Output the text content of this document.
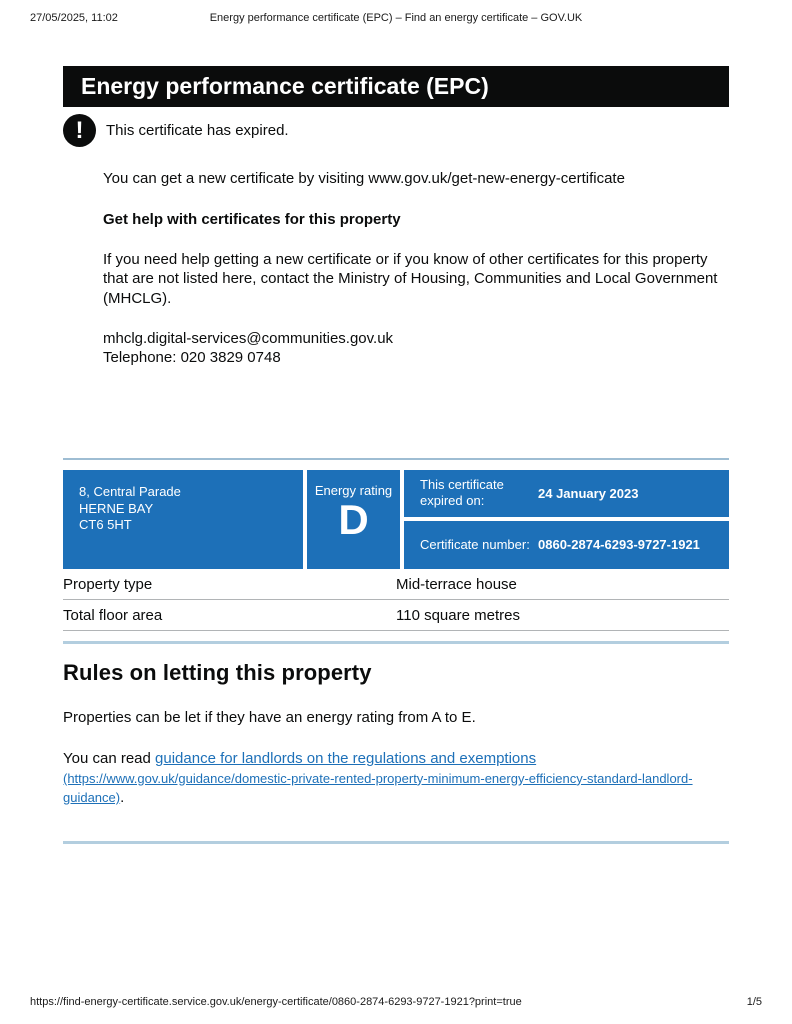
27/05/2025, 11:02	Energy performance certificate (EPC) – Find an energy certificate – GOV.UK
Energy performance certificate (EPC)
! This certificate has expired.

You can get a new certificate by visiting www.gov.uk/get-new-energy-certificate

Get help with certificates for this property

If you need help getting a new certificate or if you know of other certificates for this property that are not listed here, contact the Ministry of Housing, Communities and Local Government (MHCLG).

mhclg.digital-services@communities.gov.uk
Telephone: 020 3829 0748
8, Central Parade
HERNE BAY
CT6 5HT
Energy rating
D
This certificate expired on:	24 January 2023
Certificate number: 0860-2874-6293-9727-1921
Property type	Mid-terrace house
Total floor area	110 square metres
Rules on letting this property

Properties can be let if they have an energy rating from A to E.

You can read guidance for landlords on the regulations and exemptions (https://www.gov.uk/guidance/domestic-private-rented-property-minimum-energy-efficiency-standard-landlord-guidance).

https://find-energy-certificate.service.gov.uk/energy-certificate/0860-2874-6293-9727-1921?print=true	1/5
